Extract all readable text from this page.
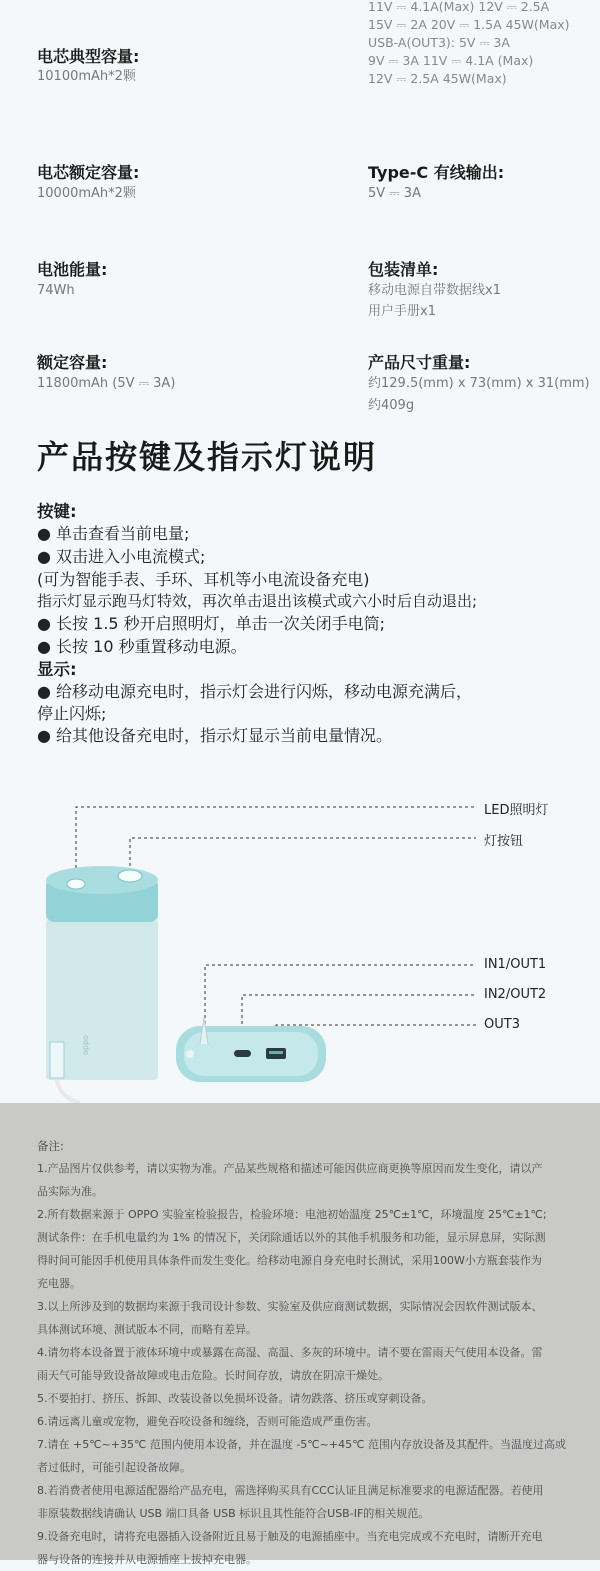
11V ⎓ 4.1A(Max) 12V ⎓ 2.5A
15V ⎓ 2A 20V ⎓ 1.5A 45W(Max)
USB-A(OUT3): 5V ⎓ 3A
9V ⎓ 3A 11V ⎓ 4.1A (Max)
12V ⎓ 2.5A 45W(Max)
电芯典型容量:
10100mAh*2颗
电芯额定容量:
10000mAh*2颗
Type-C 有线输出:
5V ⎓ 3A
电池能量:
74Wh
包装清单:
移动电源自带数据线x1
用户手册x1
额定容量:
11800mAh (5V ⎓ 3A)
产品尺寸重量:
约129.5(mm) x 73(mm) x 31(mm)
约409g
产品按键及指示灯说明
按键:
● 单击查看当前电量;
● 双击进入小电流模式;
(可为智能手表、手环、耳机等小电流设备充电)
指示灯显示跑马灯特效，再次单击退出该模式或六小时后自动退出;
● 长按 1.5 秒开启照明灯，单击一次关闭手电筒;
● 长按 10 秒重置移动电源。
显示:
● 给移动电源充电时，指示灯会进行闪烁，移动电源充满后，
停止闪烁;
● 给其他设备充电时，指示灯显示当前电量情况。
oppo
LED照明灯
灯按钮
IN1/OUT1
IN2/OUT2
OUT3
备注:
1.产品图片仅供参考，请以实物为准。产品某些规格和描述可能因供应商更换等原因而发生变化，请以产
品实际为准。
2.所有数据来源于 OPPO 实验室检验报告，检验环境：电池初始温度 25℃±1℃，环境温度 25℃±1℃;
测试条件：在手机电量约为 1% 的情况下，关闭除通话以外的其他手机服务和功能，显示屏息屏，实际测
得时间可能因手机使用具体条件而发生变化。给移动电源自身充电时长测试，采用100W小方瓶套装作为
充电器。
3.以上所涉及到的数据均来源于我司设计参数、实验室及供应商测试数据，实际情况会因软件测试版本、
具体测试环境、测试版本不同，而略有差异。
4.请勿将本设备置于液体环境中或暴露在高湿、高温、多灰的环境中。请不要在雷雨天气使用本设备。雷
雨天气可能导致设备故障或电击危险。长时间存放，请放在阴凉干燥处。
5.不要拍打、挤压、拆卸、改装设备以免损坏设备。请勿跌落、挤压或穿刺设备。
6.请远离儿童或宠物，避免吞咬设备和缠绕，否则可能造成严重伤害。
7.请在 +5℃~+35℃ 范围内使用本设备，并在温度 -5℃~+45℃ 范围内存放设备及其配件。当温度过高或
者过低时，可能引起设备故障。
8.若消费者使用电源适配器给产品充电，需选择购买具有CCC认证且满足标准要求的电源适配器。若使用
非原装数据线请确认 USB 端口具备 USB 标识且其性能符合USB-IF的相关规范。
9.设备充电时，请将充电器插入设备附近且易于触及的电源插座中。当充电完成或不充电时，请断开充电
器与设备的连接并从电源插座上拔掉充电器。
